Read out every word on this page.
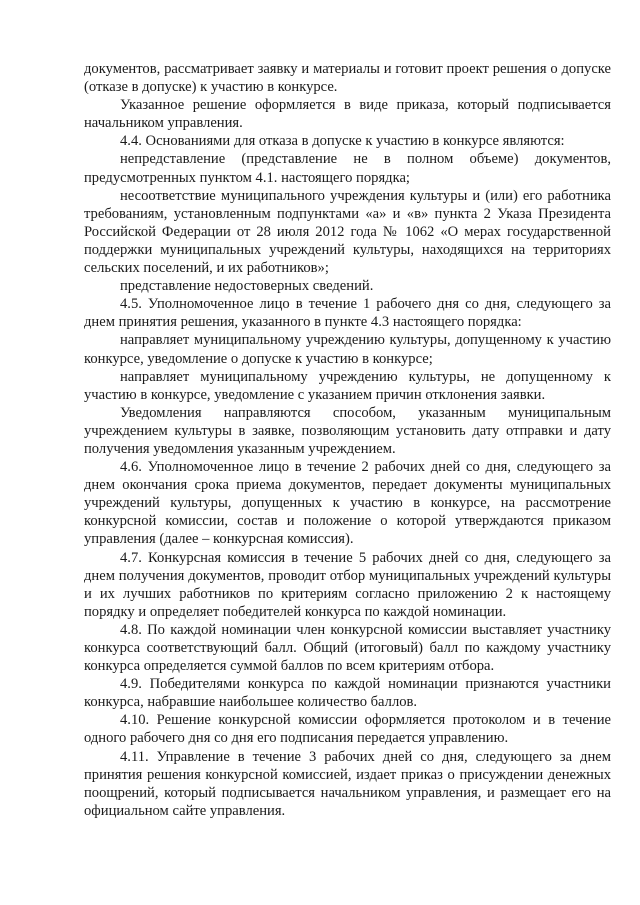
документов, рассматривает заявку и материалы и готовит проект решения о допуске (отказе в допуске) к участию в конкурсе.

Указанное решение оформляется в виде приказа, который подписывается начальником управления.

4.4. Основаниями для отказа в допуске к участию в конкурсе являются:

непредставление (представление не в полном объеме) документов, предусмотренных пунктом 4.1. настоящего порядка;

несоответствие муниципального учреждения культуры и (или) его работника требованиям, установленным подпунктами «а» и «в» пункта 2 Указа Президента Российской Федерации от 28 июля 2012 года № 1062 «О мерах государственной поддержки муниципальных учреждений культуры, находящихся на территориях сельских поселений, и их работников»;

представление недостоверных сведений.

4.5. Уполномоченное лицо в течение 1 рабочего дня со дня, следующего за днем принятия решения, указанного в пункте 4.3 настоящего порядка:

направляет муниципальному учреждению культуры, допущенному к участию конкурсе, уведомление о допуске к участию в конкурсе;

направляет муниципальному учреждению культуры, не допущенному к участию в конкурсе, уведомление с указанием причин отклонения заявки.

Уведомления направляются способом, указанным муниципальным учреждением культуры в заявке, позволяющим установить дату отправки и дату получения уведомления указанным учреждением.

4.6. Уполномоченное лицо в течение 2 рабочих дней со дня, следующего за днем окончания срока приема документов, передает документы муниципальных учреждений культуры, допущенных к участию в конкурсе, на рассмотрение конкурсной комиссии, состав и положение о которой утверждаются приказом управления (далее – конкурсная комиссия).

4.7. Конкурсная комиссия в течение 5 рабочих дней со дня, следующего за днем получения документов, проводит отбор муниципальных учреждений культуры и их лучших работников по критериям согласно приложению 2 к настоящему порядку и определяет победителей конкурса по каждой номинации.

4.8. По каждой номинации член конкурсной комиссии выставляет участнику конкурса соответствующий балл. Общий (итоговый) балл по каждому участнику конкурса определяется суммой баллов по всем критериям отбора.

4.9. Победителями конкурса по каждой номинации признаются участники конкурса, набравшие наибольшее количество баллов.

4.10. Решение конкурсной комиссии оформляется протоколом и в течение одного рабочего дня со дня его подписания передается управлению.

4.11. Управление в течение 3 рабочих дней со дня, следующего за днем принятия решения конкурсной комиссией, издает приказ о присуждении денежных поощрений, который подписывается начальником управления, и размещает его на официальном сайте управления.
